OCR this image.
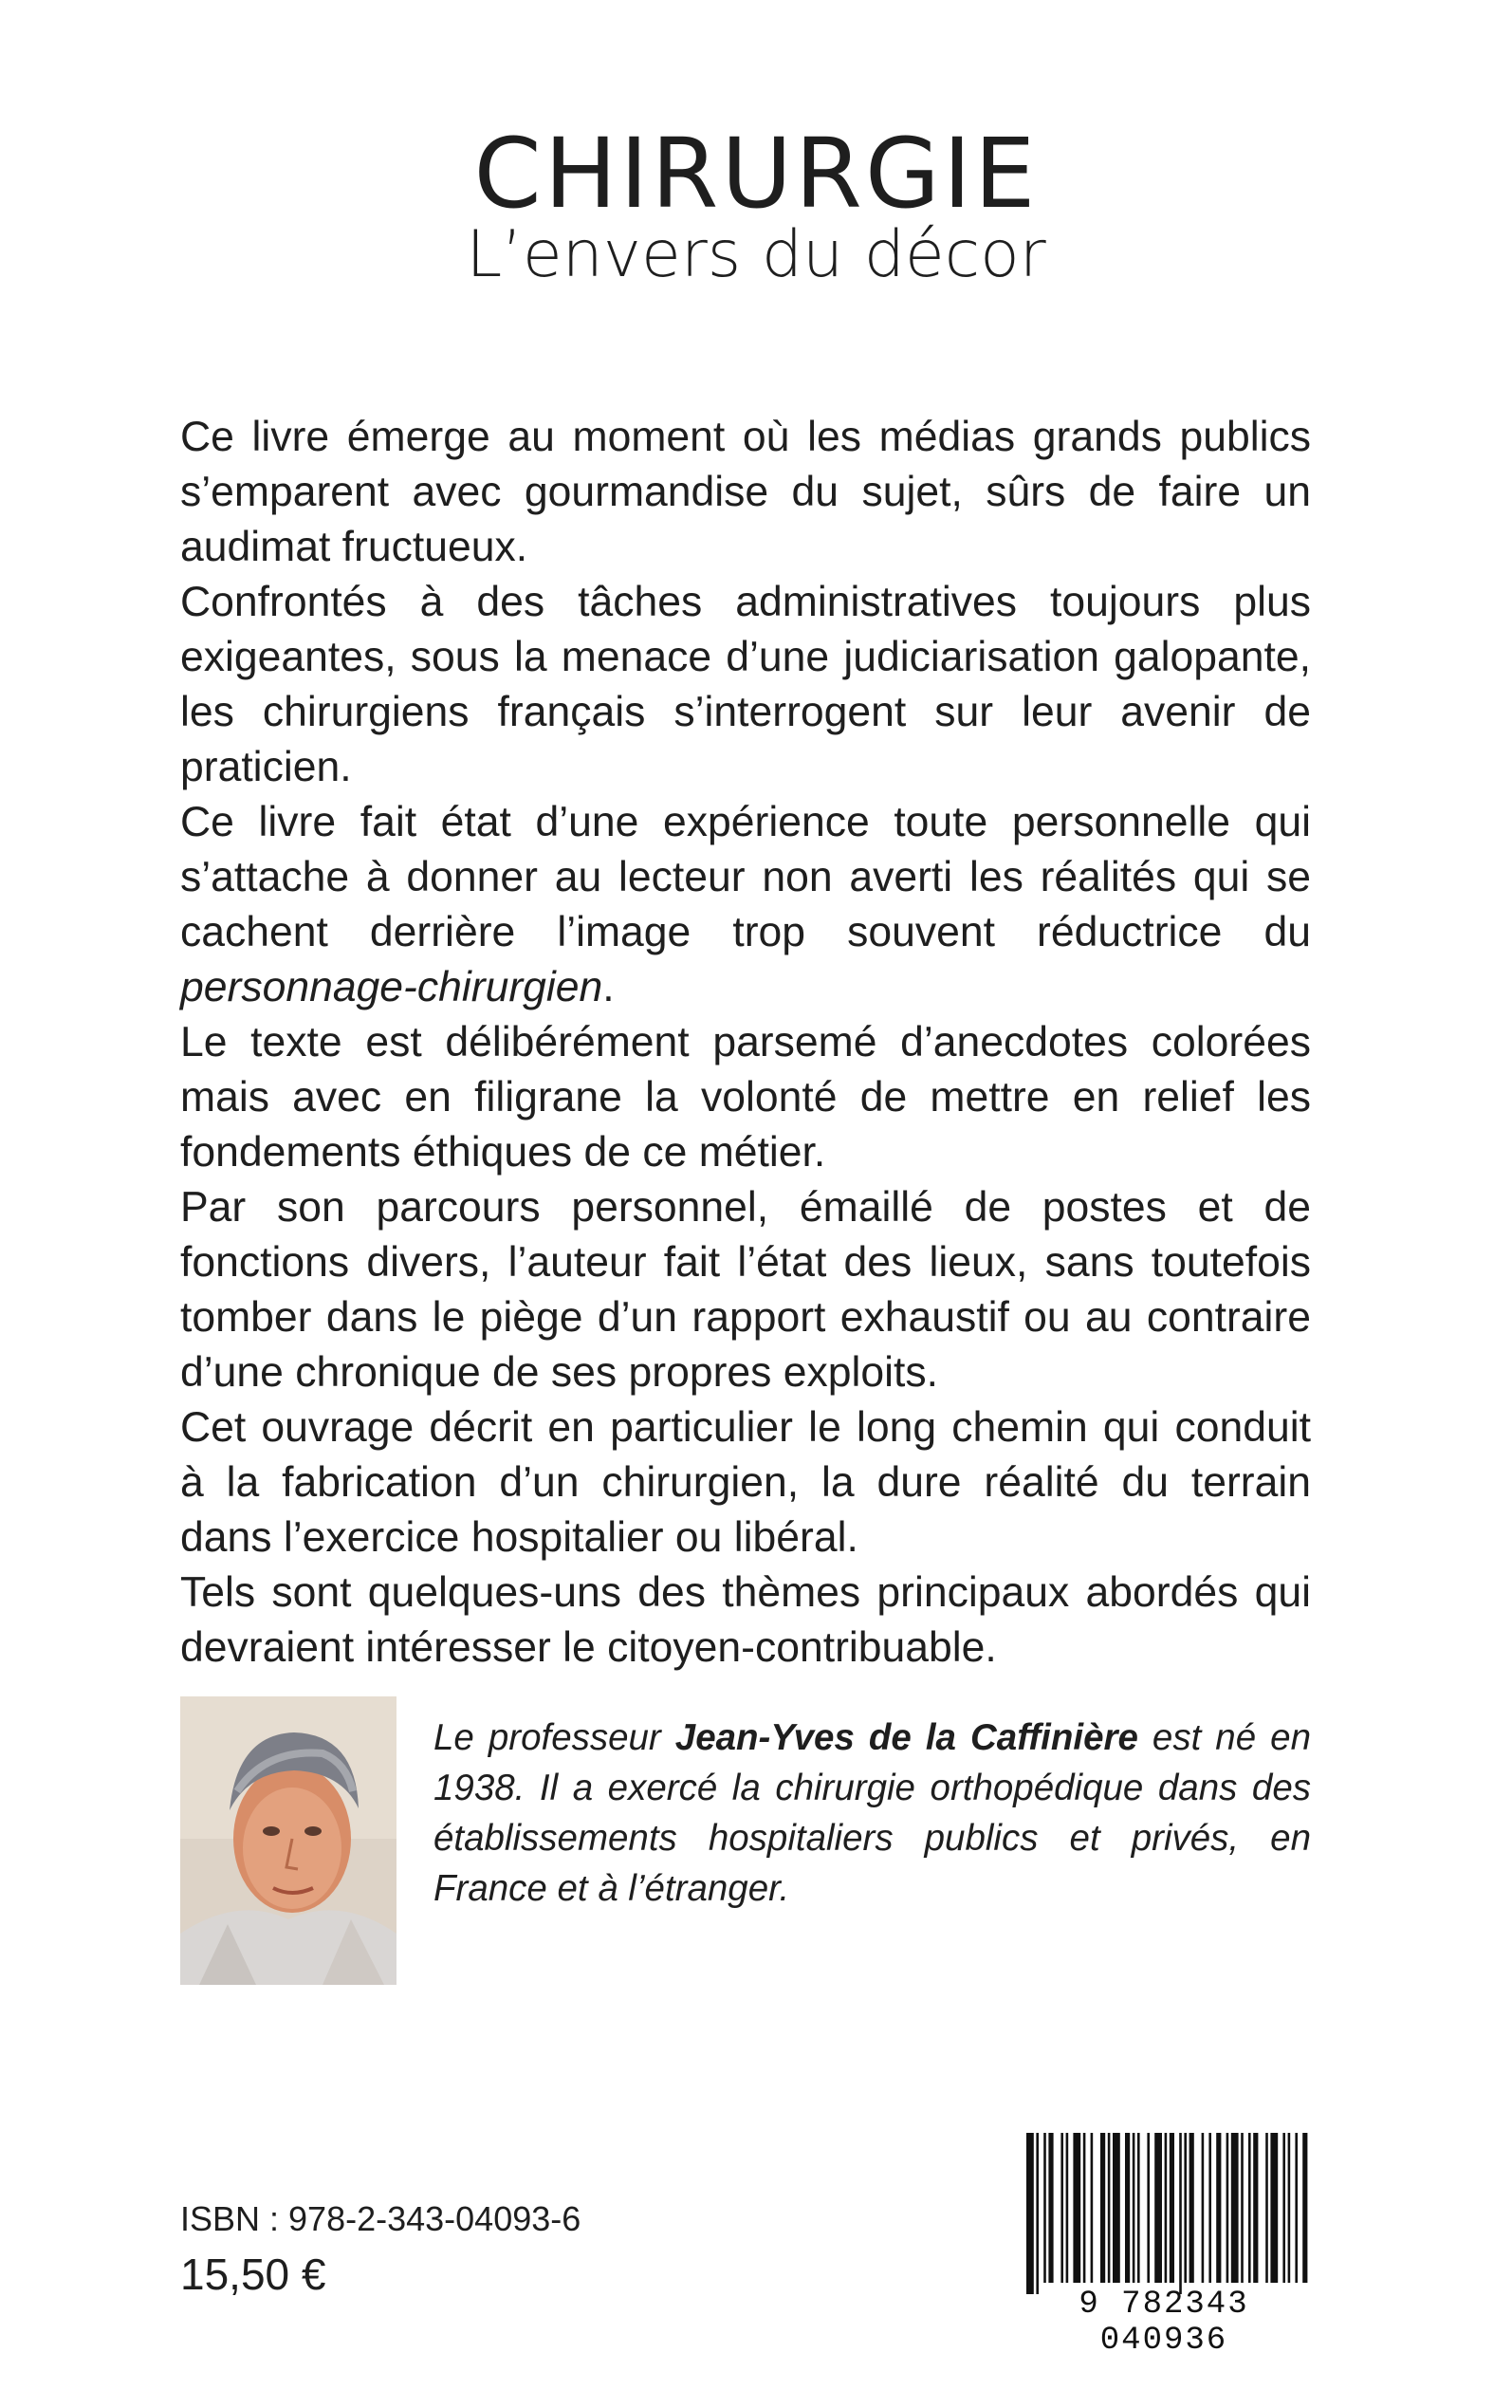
CHIRURGIE
L’envers du décor

Ce livre émerge au moment où les médias grands publics s’emparent avec gourmandise du sujet, sûrs de faire un audimat fructueux.

Confrontés à des tâches administratives toujours plus exigeantes, sous la menace d’une judiciarisation galopante, les chirurgiens français s’interrogent sur leur avenir de praticien.

Ce livre fait état d’une expérience toute personnelle qui s’attache à donner au lecteur non averti les réalités qui se cachent derrière l’image trop souvent réductrice du personnage-chirurgien.

Le texte est délibérément parsemé d’anecdotes colorées mais avec en filigrane la volonté de mettre en relief les fondements éthiques de ce métier.

Par son parcours personnel, émaillé de postes et de fonctions divers, l’auteur fait l’état des lieux, sans toutefois tomber dans le piège d’un rapport exhaustif ou au contraire d’une chronique de ses propres exploits.

Cet ouvrage décrit en particulier le long chemin qui conduit à la fabrication d’un chirurgien, la dure réalité du terrain dans l’exercice hospitalier ou libéral.

Tels sont quelques-uns des thèmes principaux abordés qui devraient intéresser le citoyen-contribuable.

Le professeur Jean-Yves de la Caffinière est né en 1938. Il a exercé la chirurgie orthopédique dans des établissements hospitaliers publics et privés, en France et à l’étranger.

ISBN : 978-2-343-04093-6
15,50 €
9 782343 040936
